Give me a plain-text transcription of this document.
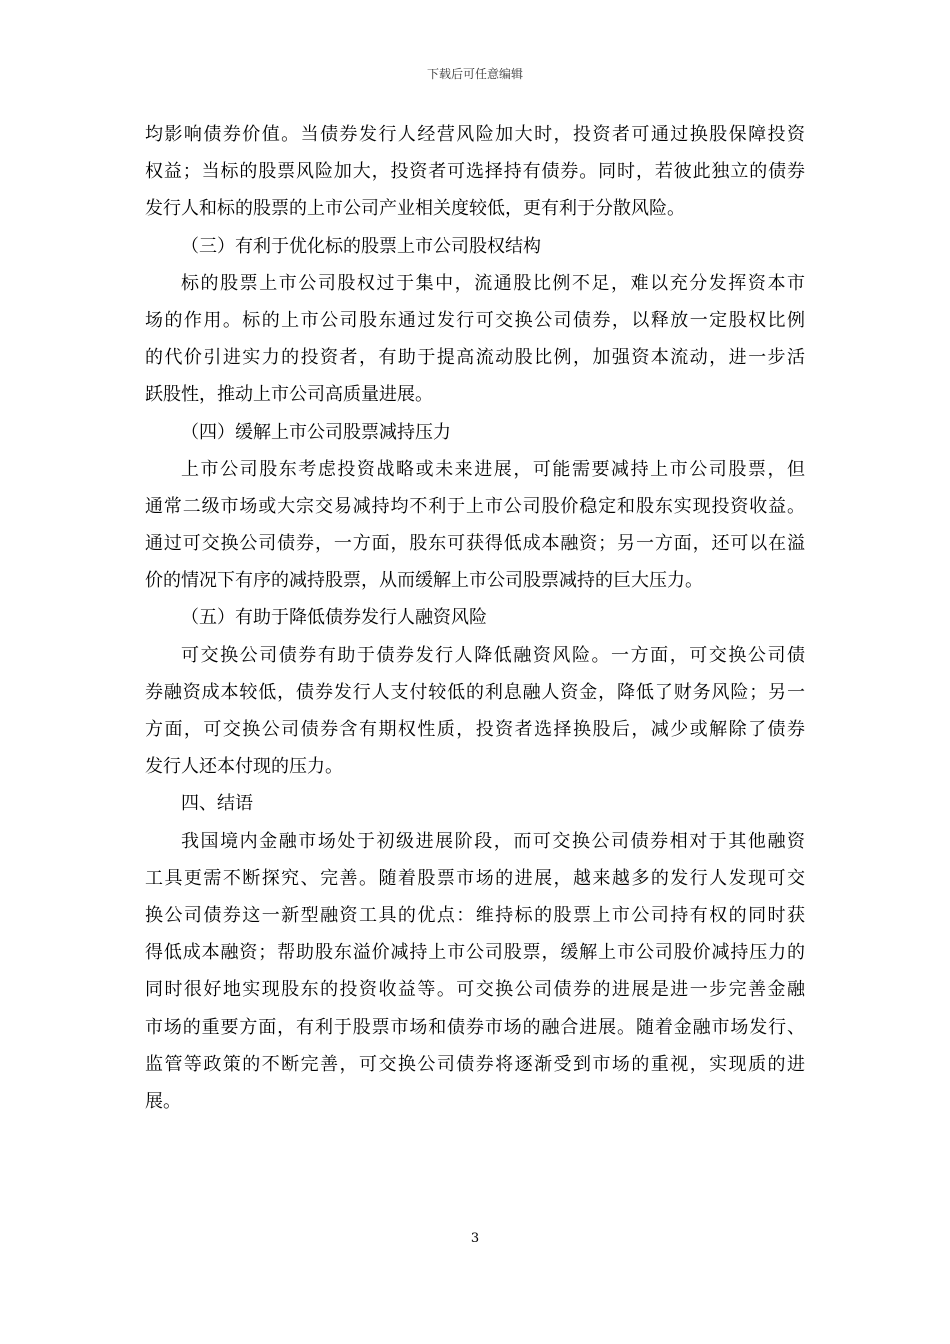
下载后可任意编辑
均影响债券价值。当债券发行人经营风险加大时，投资者可通过换股保障投资
权益；当标的股票风险加大，投资者可选择持有债券。同时，若彼此独立的债券
发行人和标的股票的上市公司产业相关度较低，更有利于分散风险。
（三）有利于优化标的股票上市公司股权结构
标的股票上市公司股权过于集中，流通股比例不足，难以充分发挥资本市
场的作用。标的上市公司股东通过发行可交换公司债券，以释放一定股权比例
的代价引进实力的投资者，有助于提高流动股比例，加强资本流动，进一步活
跃股性，推动上市公司高质量进展。
（四）缓解上市公司股票减持压力
上市公司股东考虑投资战略或未来进展，可能需要减持上市公司股票，但
通常二级市场或大宗交易减持均不利于上市公司股价稳定和股东实现投资收益。
通过可交换公司债券，一方面，股东可获得低成本融资；另一方面，还可以在溢
价的情况下有序的减持股票，从而缓解上市公司股票减持的巨大压力。
（五）有助于降低债券发行人融资风险
可交换公司债券有助于债券发行人降低融资风险。一方面，可交换公司债
券融资成本较低，债券发行人支付较低的利息融人资金，降低了财务风险；另一
方面，可交换公司债券含有期权性质，投资者选择换股后，减少或解除了债券
发行人还本付现的压力。
四、结语
我国境内金融市场处于初级进展阶段，而可交换公司债券相对于其他融资
工具更需不断探究、完善。随着股票市场的进展，越来越多的发行人发现可交
换公司债券这一新型融资工具的优点：维持标的股票上市公司持有权的同时获
得低成本融资；帮助股东溢价减持上市公司股票，缓解上市公司股价减持压力的
同时很好地实现股东的投资收益等。可交换公司债券的进展是进一步完善金融
市场的重要方面，有利于股票市场和债券市场的融合进展。随着金融市场发行、
监管等政策的不断完善，可交换公司债券将逐渐受到市场的重视，实现质的进
展。
3
